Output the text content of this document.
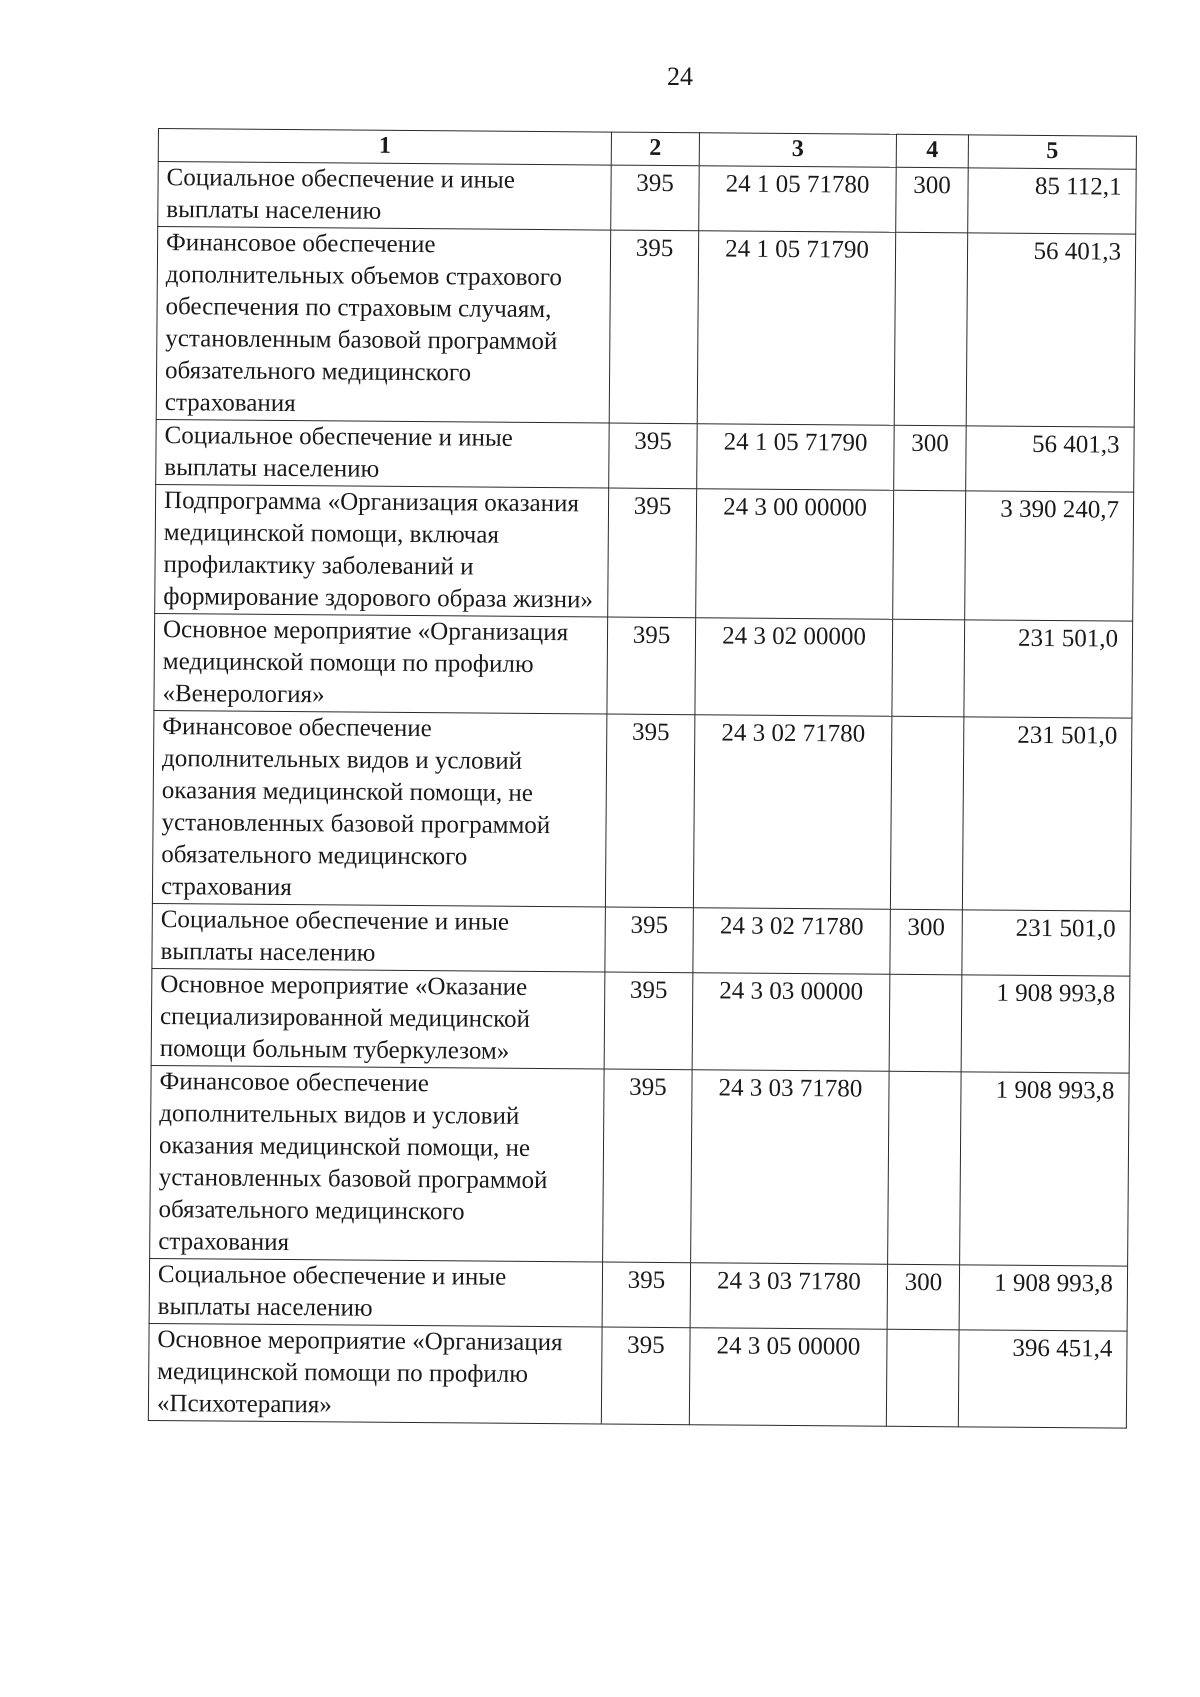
24
1	2	3	4	5
Социальное обеспечение и иные выплаты населению	395	24 1 05 71780	300	85 112,1
Финансовое обеспечение дополнительных объемов страхового обеспечения по страховым случаям, установленным базовой программой обязательного медицинского страхования	395	24 1 05 71790		56 401,3
Социальное обеспечение и иные выплаты населению	395	24 1 05 71790	300	56 401,3
Подпрограмма «Организация оказания медицинской помощи, включая профилактику заболеваний и формирование здорового образа жизни»	395	24 3 00 00000		3 390 240,7
Основное мероприятие «Организация медицинской помощи по профилю «Венерология»	395	24 3 02 00000		231 501,0
Финансовое обеспечение дополнительных видов и условий оказания медицинской помощи, не установленных базовой программой обязательного медицинского страхования	395	24 3 02 71780		231 501,0
Социальное обеспечение и иные выплаты населению	395	24 3 02 71780	300	231 501,0
Основное мероприятие «Оказание специализированной медицинской помощи больным туберкулезом»	395	24 3 03 00000		1 908 993,8
Финансовое обеспечение дополнительных видов и условий оказания медицинской помощи, не установленных базовой программой обязательного медицинского страхования	395	24 3 03 71780		1 908 993,8
Социальное обеспечение и иные выплаты населению	395	24 3 03 71780	300	1 908 993,8
Основное мероприятие «Организация медицинской помощи по профилю «Психотерапия»	395	24 3 05 00000		396 451,4
